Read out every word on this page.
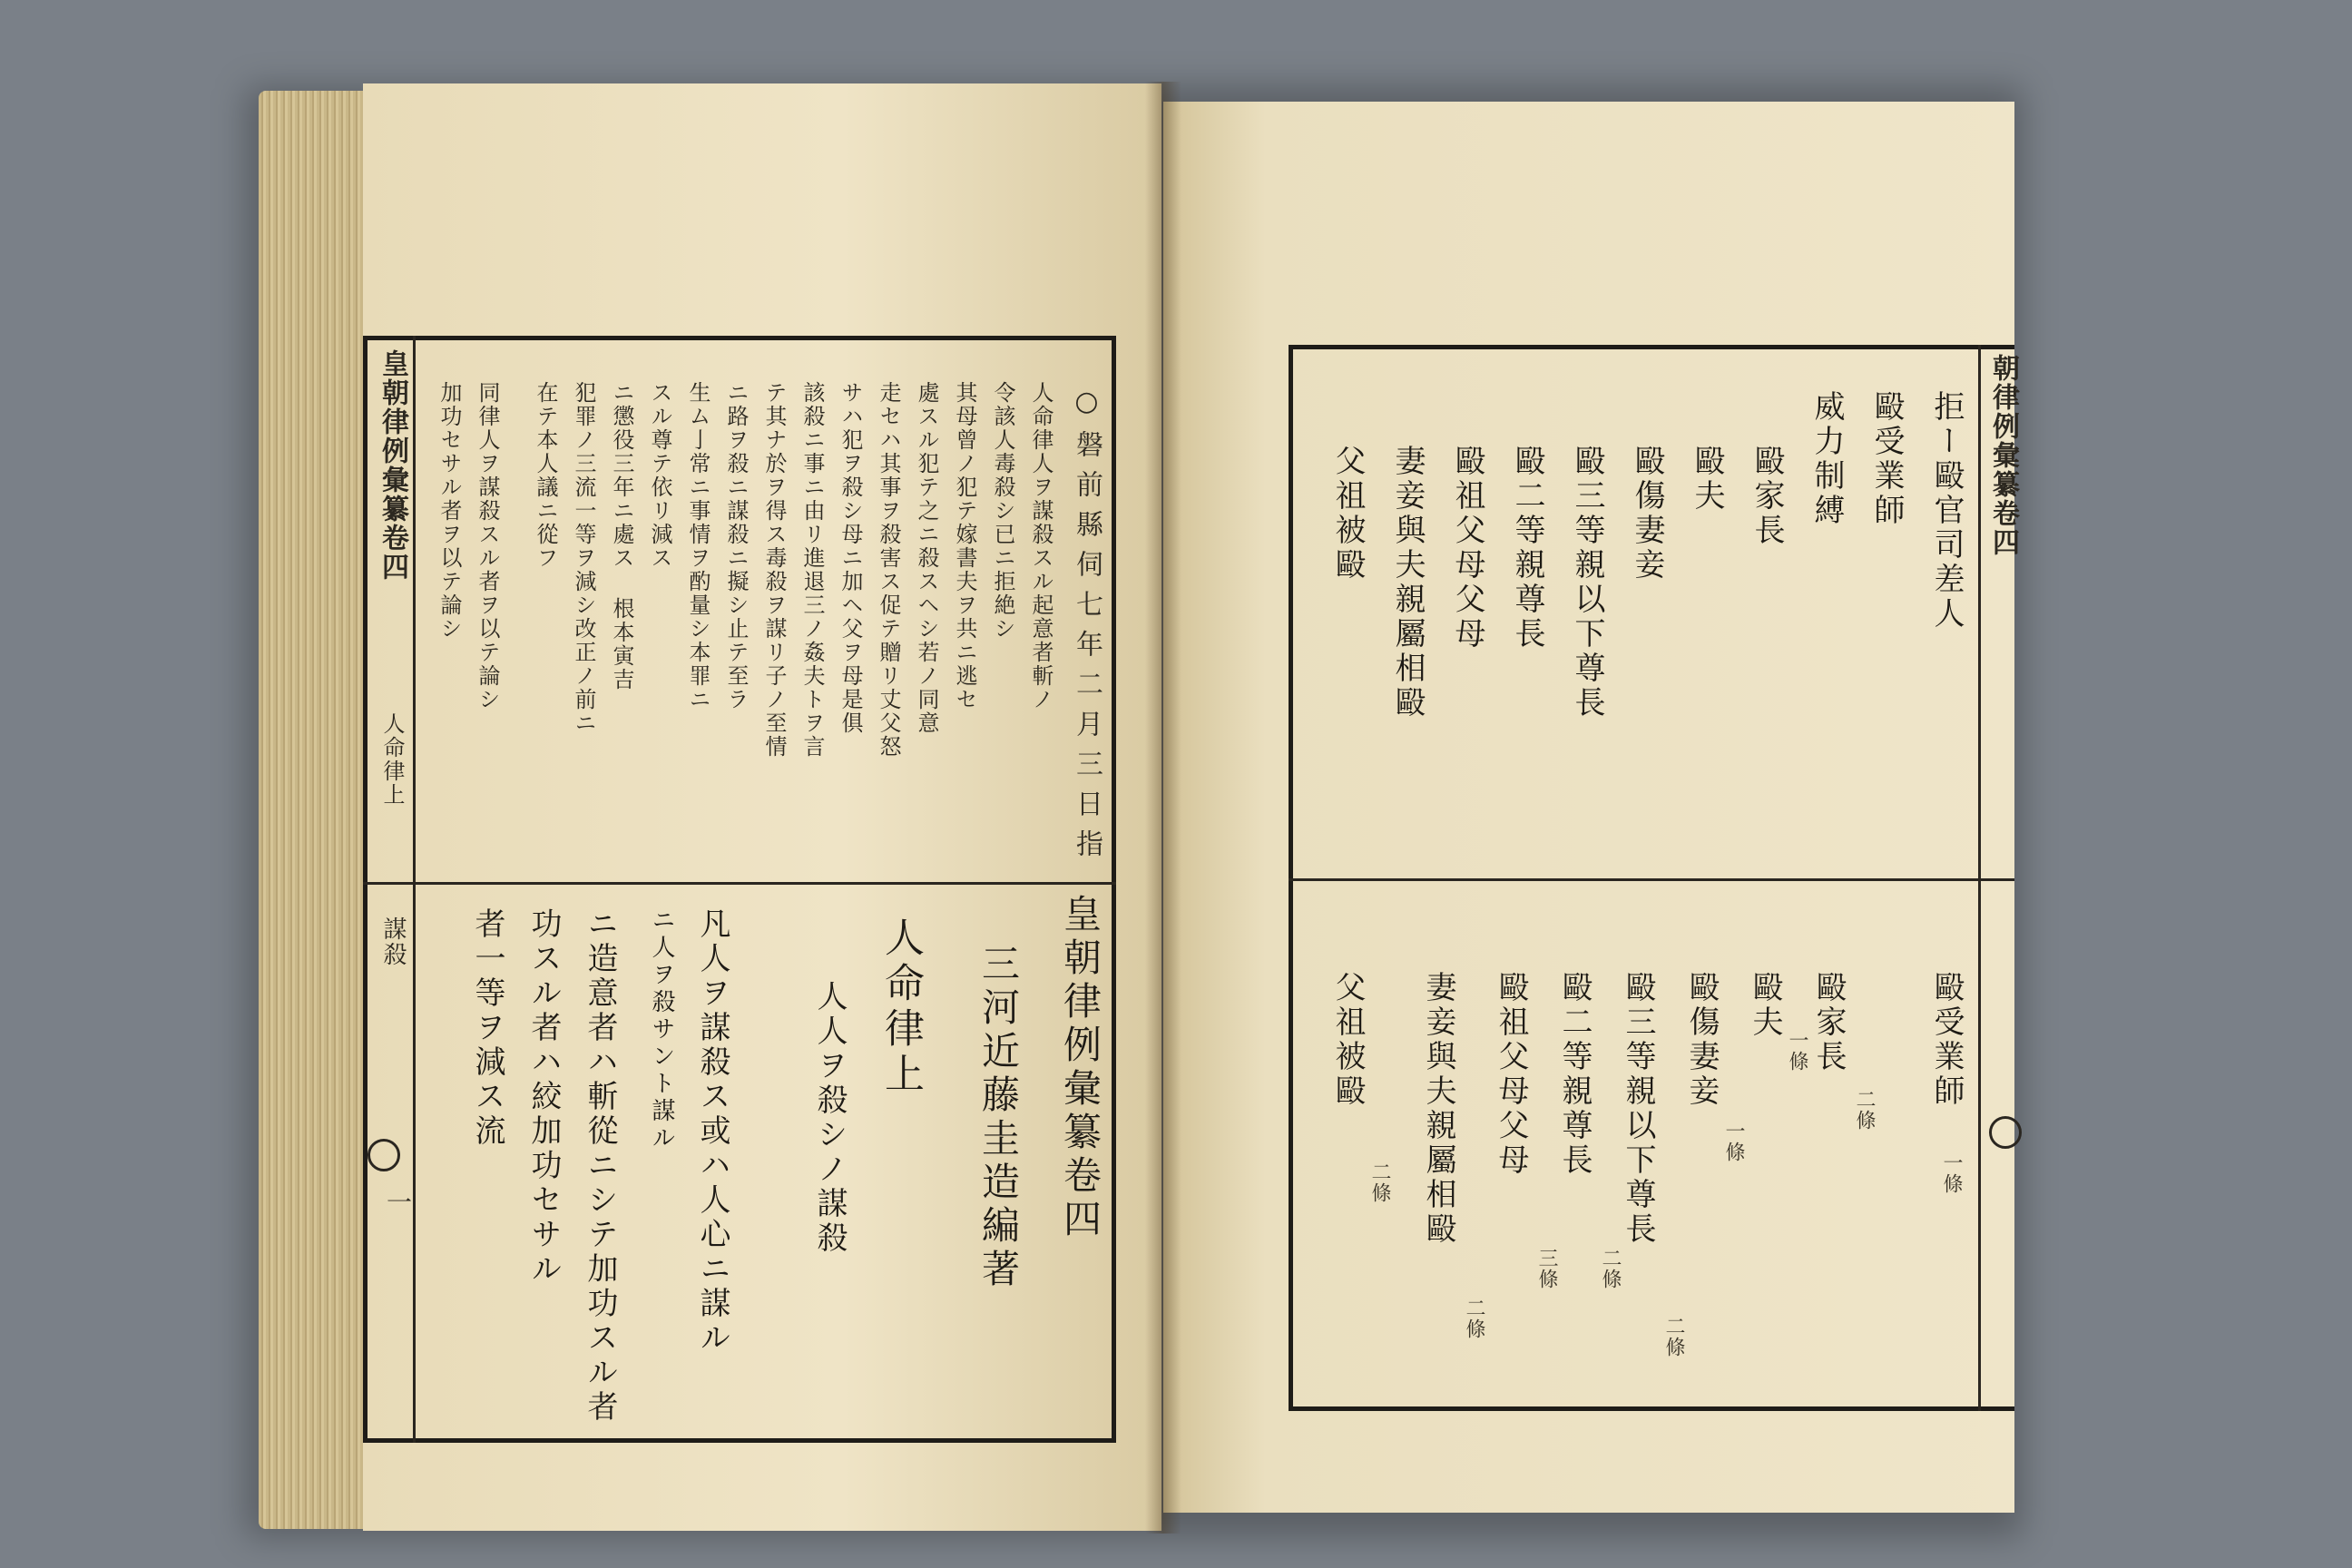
○磐前縣伺七年二月三日指
人命律人ヲ謀殺スル起意者斬ノ
令該人毒殺シ已ニ拒絶シ
其母曾ノ犯テ嫁書夫ヲ共ニ逃セ
處スル犯テ之ニ殺スヘシ若ノ同意
走セハ其事ヲ殺害ス促テ贈リ丈父怒
サハ犯ヲ殺シ母ニ加ヘ父ヲ母是俱
該殺ニ事ニ由リ進退三ノ姦夫トヲ言
テ其ナ於ヲ得ス毒殺ヲ謀リ子ノ至情
ニ路ヲ殺ニ謀殺ニ擬シ止テ至ラ
生ム亅常ニ事情ヲ酌量シ本罪ニ
スル尊テ依リ減ス
ニ懲役三年ニ處ス 根本寅吉
犯罪ノ三流一等ヲ減シ改正ノ前ニ
在テ本人議ニ從フ
同律人ヲ謀殺スル者ヲ以テ論シ
加功セサル者ヲ以テ論シ
皇朝律例彙纂卷四
三河近藤圭造編著
人命律上
人人ヲ殺シノ謀殺
凡人ヲ謀殺ス或ハ人心ニ謀ル
ニ人ヲ殺サント謀ル
ニ造意者ハ斬從ニシテ加功スル者
功スル者ハ絞加功セサル
者一等ヲ減ス流
皇朝律例彙纂卷四
人命律上
謀殺
一
拒ー毆官司差人
毆受業師
威力制縛
毆家長
毆夫
毆傷妻妾
毆三等親以下尊長
毆二等親尊長
毆祖父母父母
妻妾與夫親屬相毆
父祖被毆
毆受業師
一條
毆家長
二條
毆夫
一條
毆傷妻妾
一條
毆三等親以下尊長
二條
毆二等親尊長
二條
毆祖父母父母
三條
妻妾與夫親屬相毆
二條
父祖被毆
二條
朝律例彙纂卷四
